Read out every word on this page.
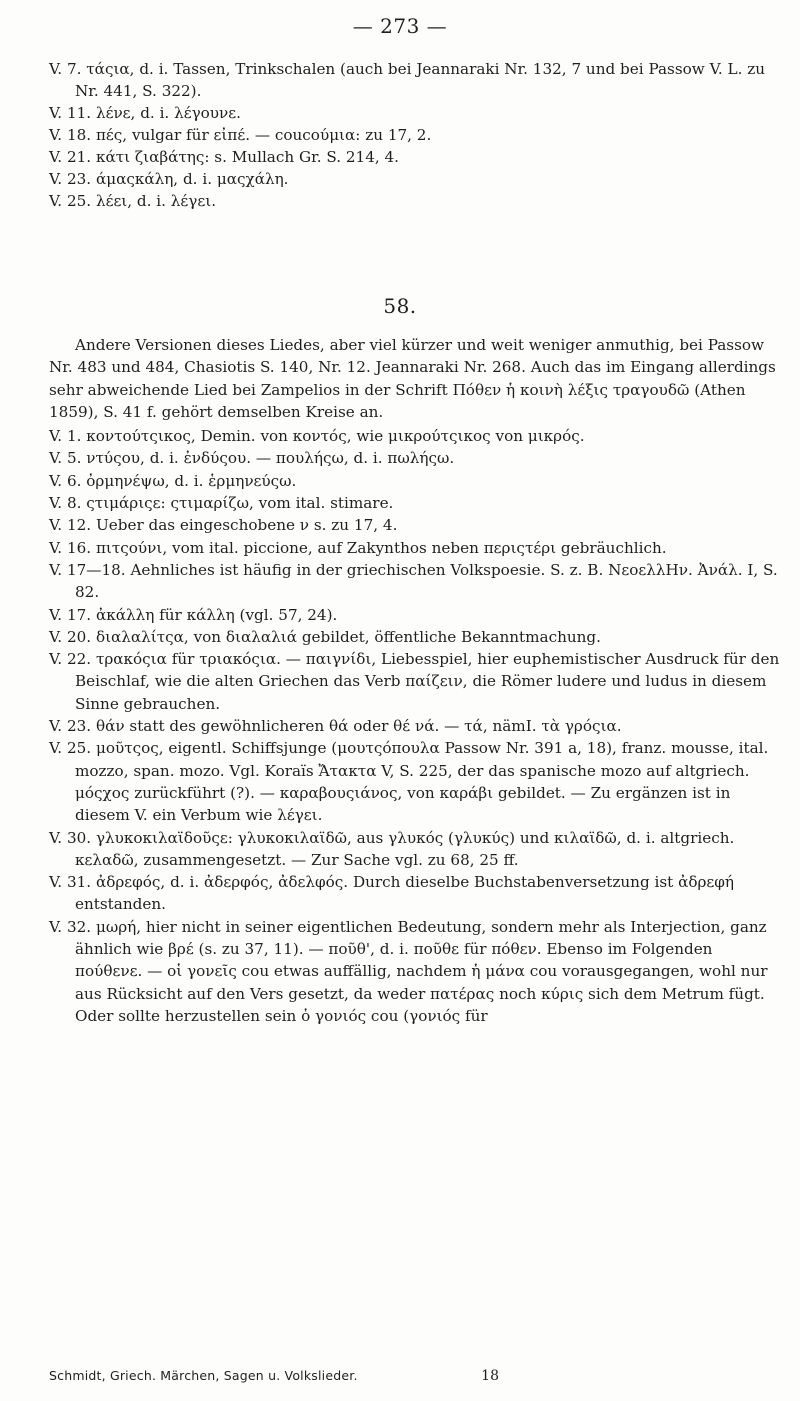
— 273 —

V. 7. τάςια, d. i. Tassen, Trinkschalen (auch bei Jeannaraki Nr. 132, 7 und bei Passow V. L. zu Nr. 441, S. 322).

V. 11. λένε, d. i. λέγουνε.

V. 18. πές, vulgar für εἰπέ. — coucoύμια: zu 17, 2.

V. 21. κάτι ζιαβάτης: s. Mullach Gr. S. 214, 4.

V. 23. άμαςκάλη, d. i. μαςχάλη.

V. 25. λέει, d. i. λέγει.

58.

Andere Versionen dieses Liedes, aber viel kürzer und weit weniger anmuthig, bei Passow Nr. 483 und 484, Chasiotis S. 140, Nr. 12. Jeannaraki Nr. 268. Auch das im Eingang allerdings sehr abweichende Lied bei Zampelios in der Schrift Πόθεν ἡ κοινὴ λέξις τραγουδῶ (Athen 1859), S. 41 f. gehört demselben Kreise an.

V. 1. κοντούτςικος, Demin. von κοντός, wie μικρούτςικος von μικρός.

V. 5. ντύςου, d. i. ἐνδύςου. — πουλήςω, d. i. πωλήςω.

V. 6. ὀρμηνέψω, d. i. ἑρμηνεύςω.

V. 8. ςτιμάριςε: ςτιμαρίζω, vom ital. stimare.

V. 12. Ueber das eingeschobene ν s. zu 17, 4.

V. 16. πιτςούνι, vom ital. piccione, auf Zakynthos neben περιςτέρι gebräuchlich.

V. 17—18. Aehnliches ist häufig in der griechischen Volkspoesie. S. z. B. ΝεοελλΗν. Ἀνάλ. I, S. 82.

V. 17. ἀκάλλη für κάλλη (vgl. 57, 24).

V. 20. διαλαλίτςα, von διαλαλιά gebildet, öffentliche Bekanntmachung.

V. 22. τρακόςια für τριακόςια. — παιγνίδι, Liebesspiel, hier euphemistischer Ausdruck für den Beischlaf, wie die alten Griechen das Verb παίζειν, die Römer ludere und ludus in diesem Sinne gebrauchen.

V. 23. θάν statt des gewöhnlicheren θά oder θέ νά. — τά, nämI. τὰ γρόςια.

V. 25. μοῦτςος, eigentl. Schiffsjunge (μουτςόπουλα Passow Nr. 391 a, 18), franz. mousse, ital. mozzo, span. mozo. Vgl. Koraïs Ἄτακτα V, S. 225, der das spanische mozo auf altgriech. μόςχος zurückführt (?). — καραβουςιάνος, von καράβι gebildet. — Zu ergänzen ist in diesem V. ein Verbum wie λέγει.

V. 30. γλυκοκιλαϊδοῦςε: γλυκοκιλαϊδῶ, aus γλυκός (γλυκύς) und κιλαϊδῶ, d. i. altgriech. κελαδῶ, zusammengesetzt. — Zur Sache vgl. zu 68, 25 ff.

V. 31. ἀδρεφός, d. i. ἀδερφός, ἀδελφός. Durch dieselbe Buchstabenversetzung ist ἀδρεφή entstanden.

V. 32. μωρή, hier nicht in seiner eigentlichen Bedeutung, sondern mehr als Interjection, ganz ähnlich wie βρέ (s. zu 37, 11). — ποῦθ', d. i. ποῦθε für πόθεν. Ebenso im Folgenden πούθενε. — οἱ γονεῖς cou etwas auffällig, nachdem ἡ μάνα cou vorausgegangen, wohl nur aus Rücksicht auf den Vers gesetzt, da weder πατέρας noch κύρις sich dem Metrum fügt. Oder sollte herzustellen sein ὁ γονιός cou (γονιός für

Schmidt, Griech. Märchen, Sagen u. Volkslieder.	18
